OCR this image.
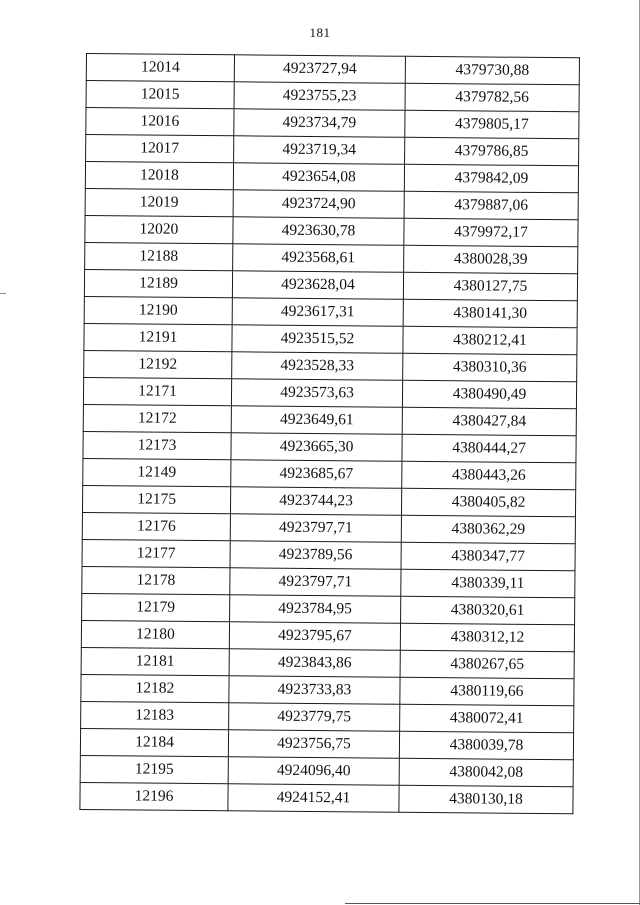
181
12014	4923727,94	4379730,88
12015	4923755,23	4379782,56
12016	4923734,79	4379805,17
12017	4923719,34	4379786,85
12018	4923654,08	4379842,09
12019	4923724,90	4379887,06
12020	4923630,78	4379972,17
12188	4923568,61	4380028,39
12189	4923628,04	4380127,75
12190	4923617,31	4380141,30
12191	4923515,52	4380212,41
12192	4923528,33	4380310,36
12171	4923573,63	4380490,49
12172	4923649,61	4380427,84
12173	4923665,30	4380444,27
12149	4923685,67	4380443,26
12175	4923744,23	4380405,82
12176	4923797,71	4380362,29
12177	4923789,56	4380347,77
12178	4923797,71	4380339,11
12179	4923784,95	4380320,61
12180	4923795,67	4380312,12
12181	4923843,86	4380267,65
12182	4923733,83	4380119,66
12183	4923779,75	4380072,41
12184	4923756,75	4380039,78
12195	4924096,40	4380042,08
12196	4924152,41	4380130,18
